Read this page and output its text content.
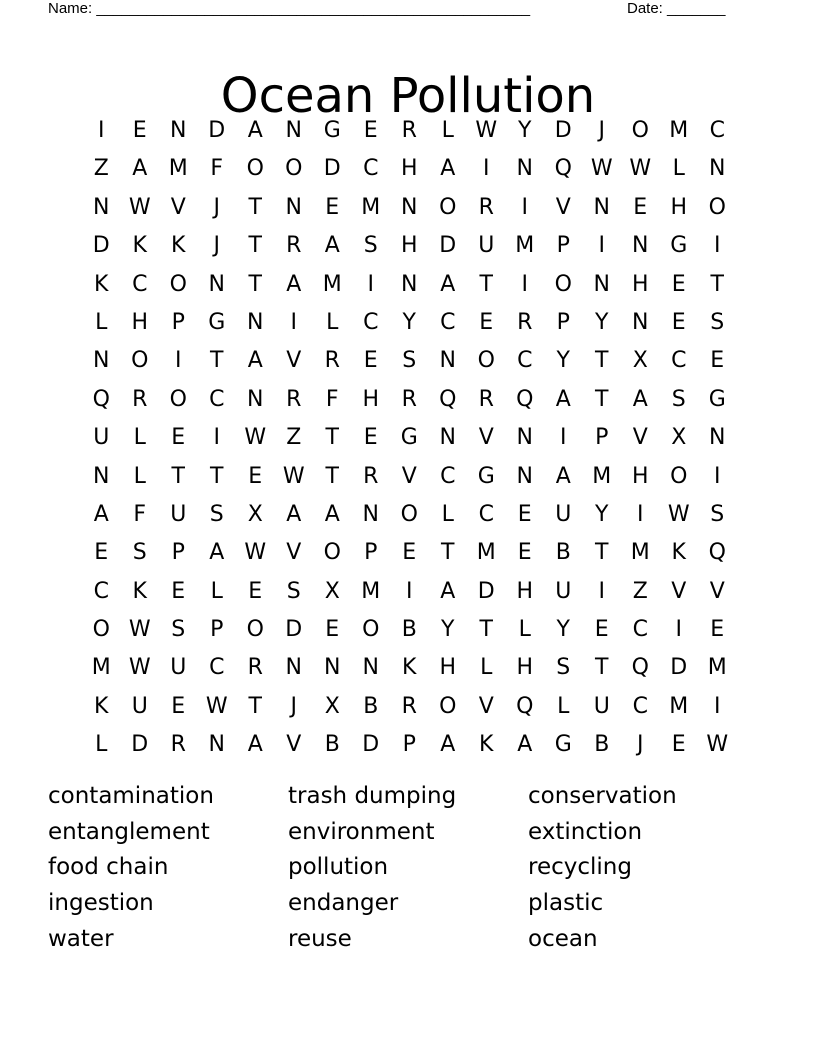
Name: ____________________________________________________	Date: _______
Ocean Pollution
I	E	N D	A	N G	E	R	L W Y	D	J	O M C
Z	A M	F	O O D	C	H	A	I	N Q W W L	N
N W V	J	T	N	E	M N O	R	I	V	N	E	H O
D	K	K	J	T	R	A	S	H D U M	P	I	N G	I
K	C	O N	T	A M	I	N	A	T	I	O N H	E	T
L	H	P	G N	I	L	C	Y	C	E	R	P	Y	N	E	S
N O	I	T	A	V	R	E	S	N O	C	Y	T	X	C	E
Q	R	O	C	N	R	F	H	R	Q	R	Q	A	T	A	S	G
U	L	E	I	W Z	T	E	G N	V	N	I	P	V	X	N
N	L	T	T	E W T	R	V	C	G N	A M H O	I
A	F	U	S	X	A	A	N O	L	C	E	U	Y	I	W S
E	S	P	A W V	O	P	E	T	M	E	B	T	M K	Q
C	K	E	L	E	S	X M	I	A	D H	U	I	Z	V	V
O W S	P	O D	E	O	B	Y	T	L	Y	E	C	I	E
M W U	C	R	N	N	N	K	H	L	H	S	T	Q D M
K	U	E W T	J	X	B	R	O	V	Q	L	U	C M	I
L	D	R	N	A	V	B	D	P	A	K	A	G	B	J	E W
contamination	trash dumping	conservation
entanglement	environment	extinction
food chain	pollution	recycling
ingestion	endanger	plastic
water	reuse	ocean
